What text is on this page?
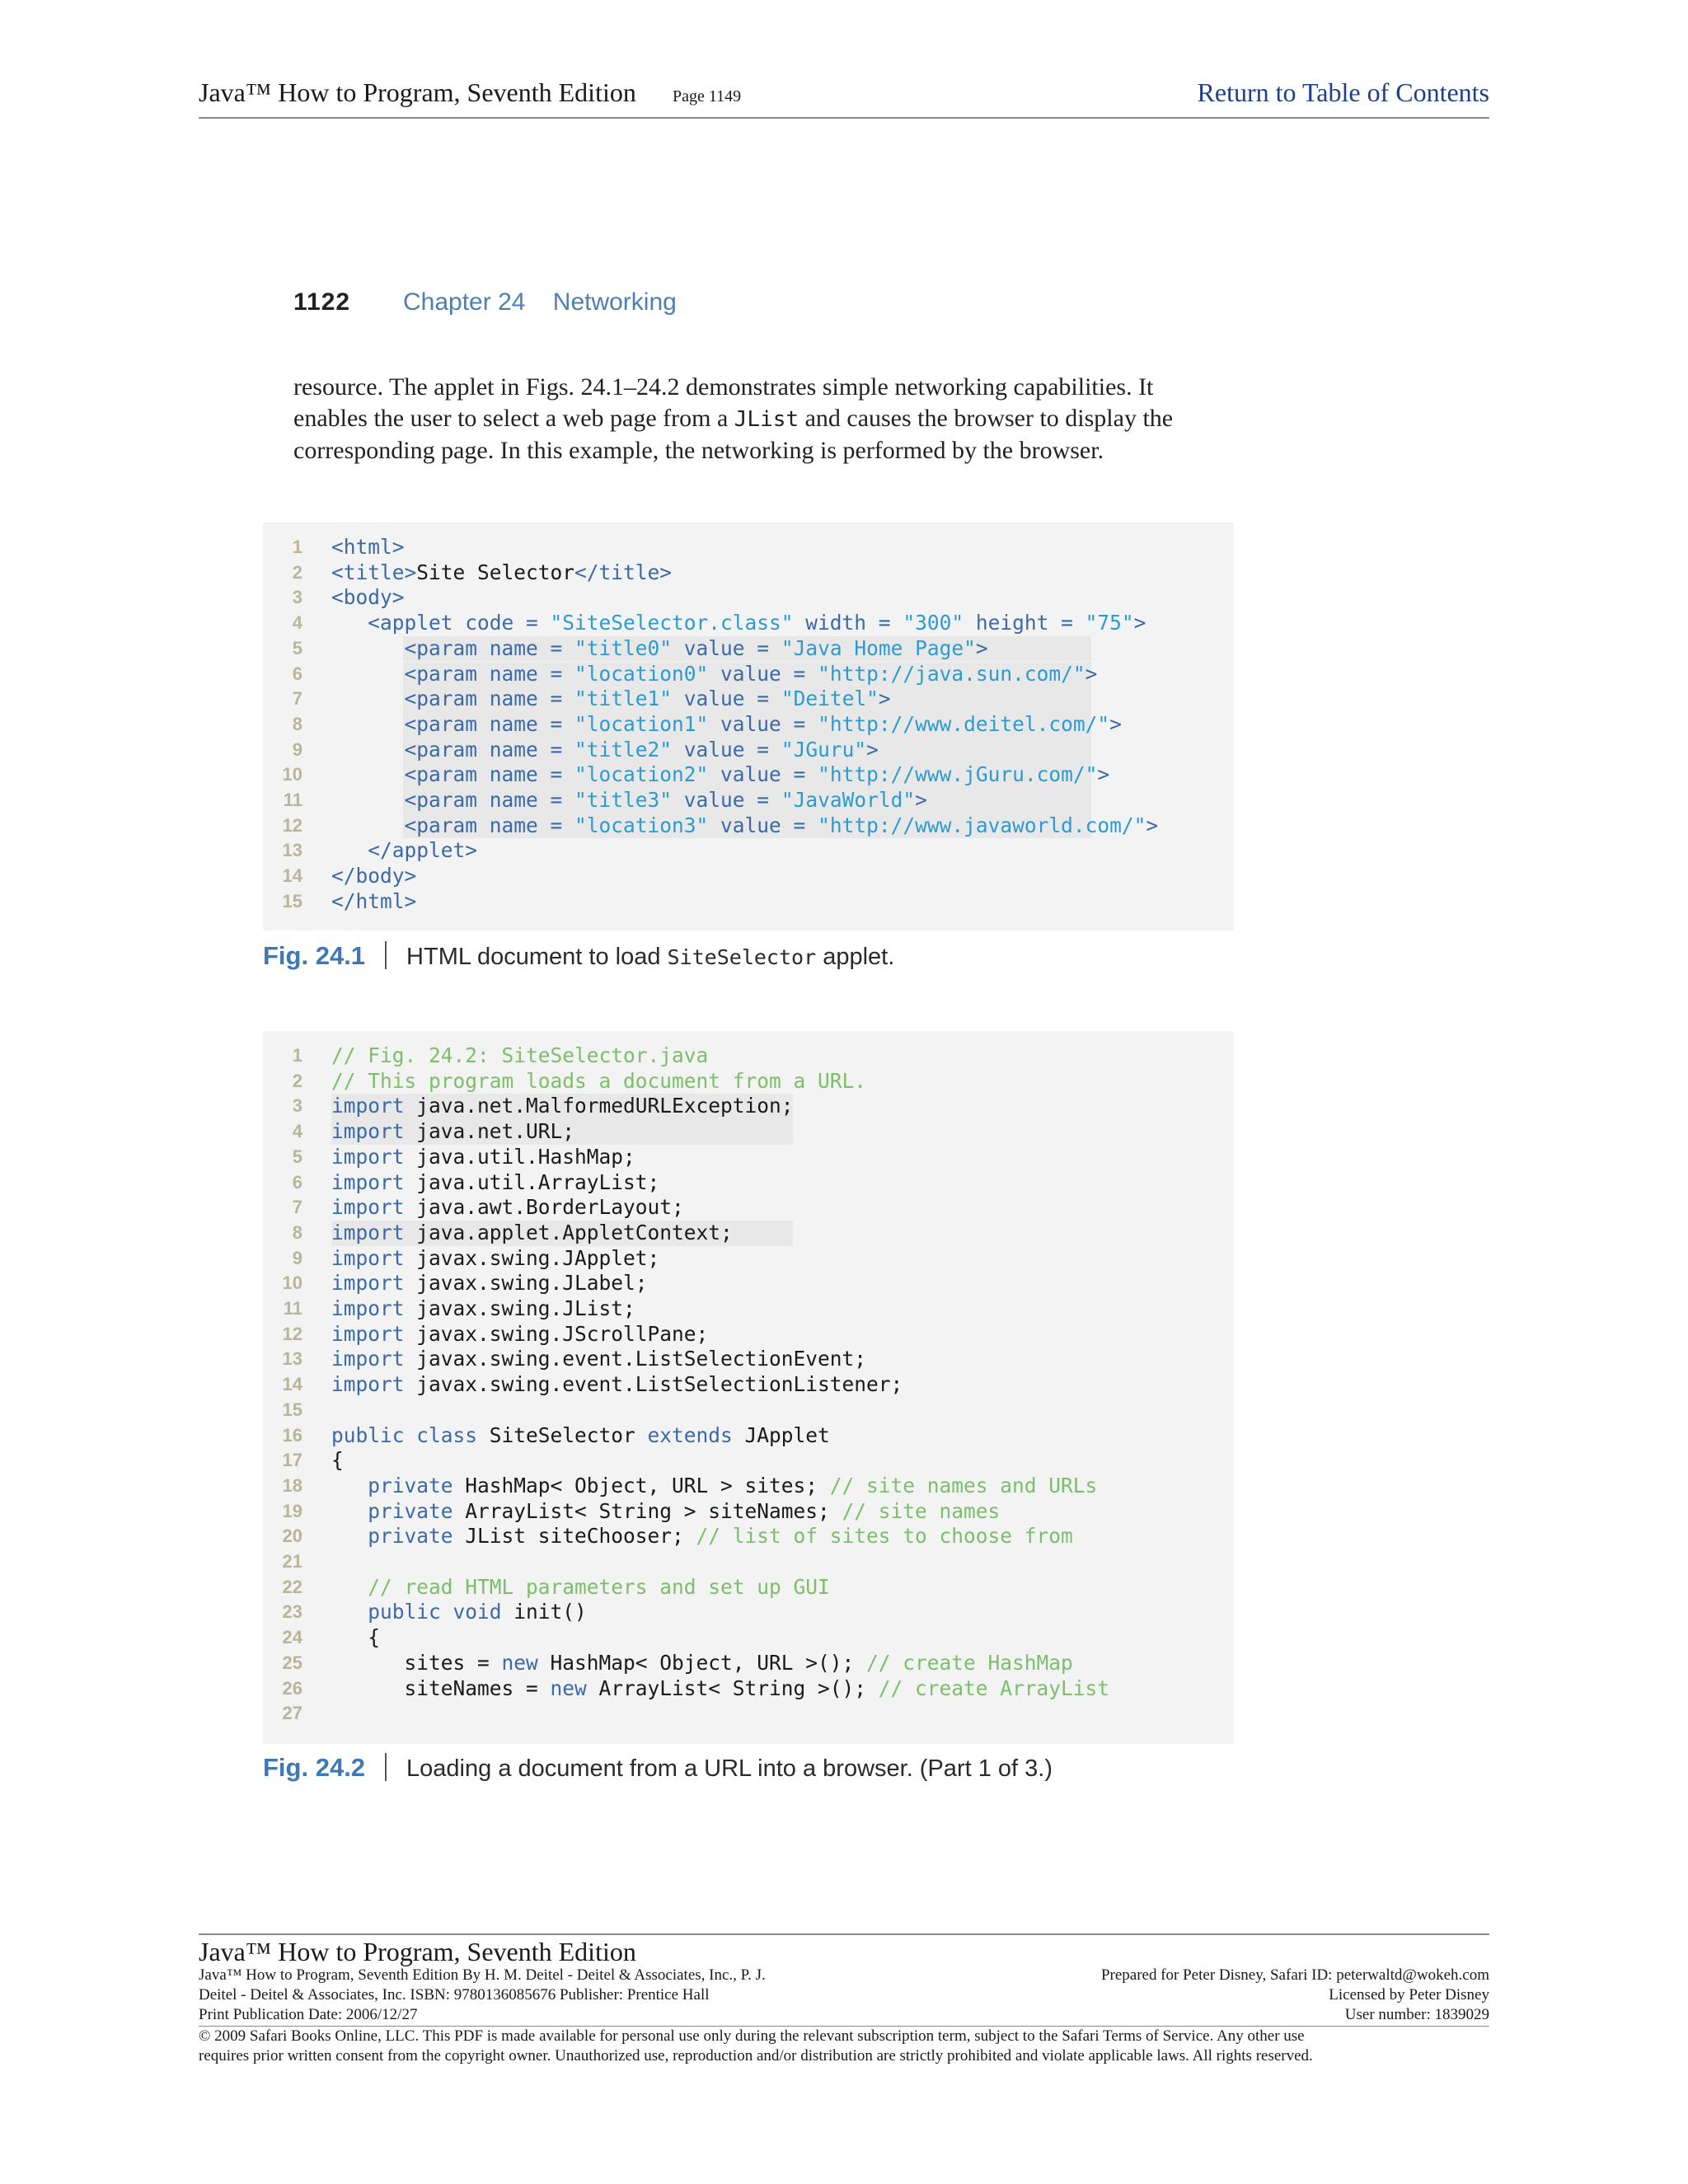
Java™ How to Program, Seventh Edition Page 1149	Return to Table of Contents
1122 Chapter 24    Networking
resource. The applet in Figs. 24.1–24.2 demonstrates simple networking capabilities. It
enables the user to select a web page from a JList and causes the browser to display the
corresponding page. In this example, the networking is performed by the browser.
1 <html>
2 <title>Site Selector</title>
3 <body>
4	<applet code = "SiteSelector.class" width = "300" height = "75">
5	<param name = "title0" value = "Java Home Page">
6	<param name = "location0" value = "http://java.sun.com/">
7	<param name = "title1" value = "Deitel">
8	<param name = "location1" value = "http://www.deitel.com/">
9	<param name = "title2" value = "JGuru">
10	<param name = "location2" value = "http://www.jGuru.com/">
11	<param name = "title3" value = "JavaWorld">
12	<param name = "location3" value = "http://www.javaworld.com/">
13	</applet>
14 </body>
15 </html>
Fig. 24.1 HTML document to load SiteSelector applet.
1 // Fig. 24.2: SiteSelector.java
2 // This program loads a document from a URL.
3 import java.net.MalformedURLException;
4 import java.net.URL;
5 import java.util.HashMap;
6 import java.util.ArrayList;
7 import java.awt.BorderLayout;
8 import java.applet.AppletContext;
9 import javax.swing.JApplet;
10 import javax.swing.JLabel;
11 import javax.swing.JList;
12 import javax.swing.JScrollPane;
13 import javax.swing.event.ListSelectionEvent;
14 import javax.swing.event.ListSelectionListener;
15
16 public class SiteSelector extends JApplet
17 {
18	private HashMap< Object, URL > sites; // site names and URLs
19	private ArrayList< String > siteNames; // site names
20	private JList siteChooser; // list of sites to choose from
21
22	// read HTML parameters and set up GUI
23	public void init()
24 {
25 sites = new HashMap< Object, URL >(); // create HashMap
26 siteNames = new ArrayList< String >(); // create ArrayList
27
Fig. 24.2 Loading a document from a URL into a browser. (Part 1 of 3.)
Java™ How to Program, Seventh Edition
Java™ How to Program, Seventh Edition By H. M. Deitel - Deitel & Associates, Inc., P. J.
Deitel - Deitel & Associates, Inc. ISBN: 9780136085676 Publisher: Prentice Hall
Print Publication Date: 2006/12/27
Prepared for Peter Disney, Safari ID: peterwaltd@wokeh.com
Licensed by Peter Disney
User number: 1839029
© 2009 Safari Books Online, LLC. This PDF is made available for personal use only during the relevant subscription term, subject to the Safari Terms of Service. Any other use
requires prior written consent from the copyright owner. Unauthorized use, reproduction and/or distribution are strictly prohibited and violate applicable laws. All rights reserved.
